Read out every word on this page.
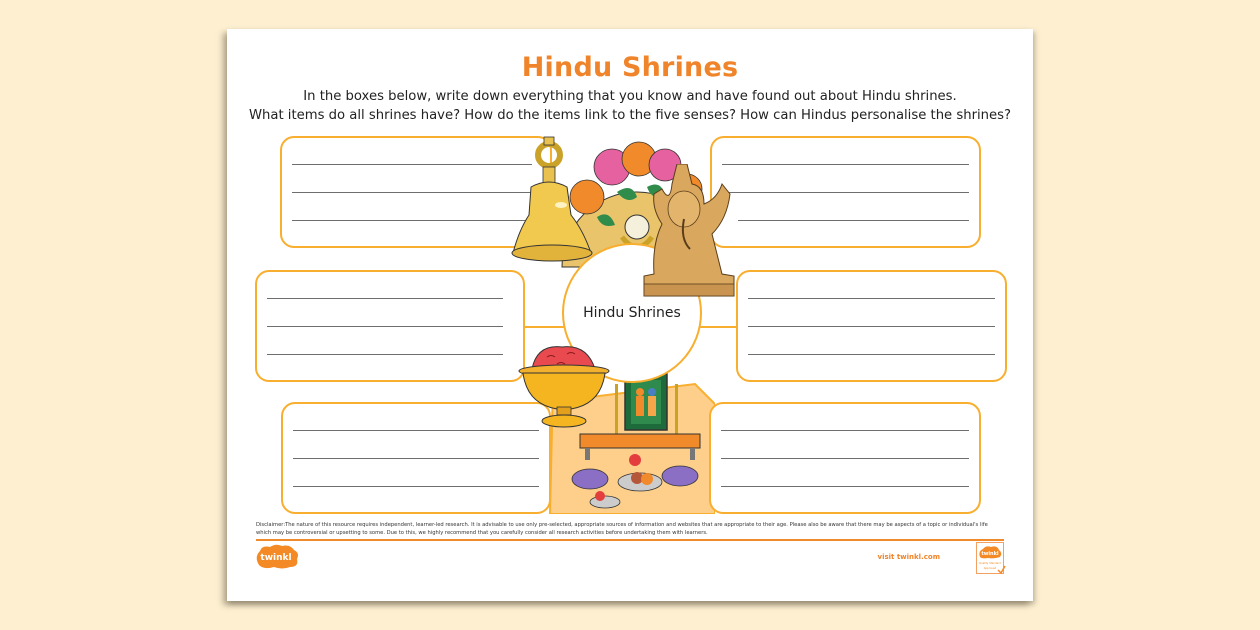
Hindu Shrines
In the boxes below, write down everything that you know and have found out about Hindu shrines.
What items do all shrines have? How do the items link to the five senses? How can Hindus personalise the shrines?
Hindu Shrines
Disclaimer:The nature of this resource requires independent, learner-led research. It is advisable to use only pre-selected, appropriate sources of information and websites that are appropriate to their age. Please also be aware that there may be aspects of a topic or individual's life which may be controversial or upsetting to some. Due to this, we highly recommend that you carefully consider all research activities before undertaking them with learners.
twinkl	visit twinkl.com	twinkl
Quality Standard
Approved
